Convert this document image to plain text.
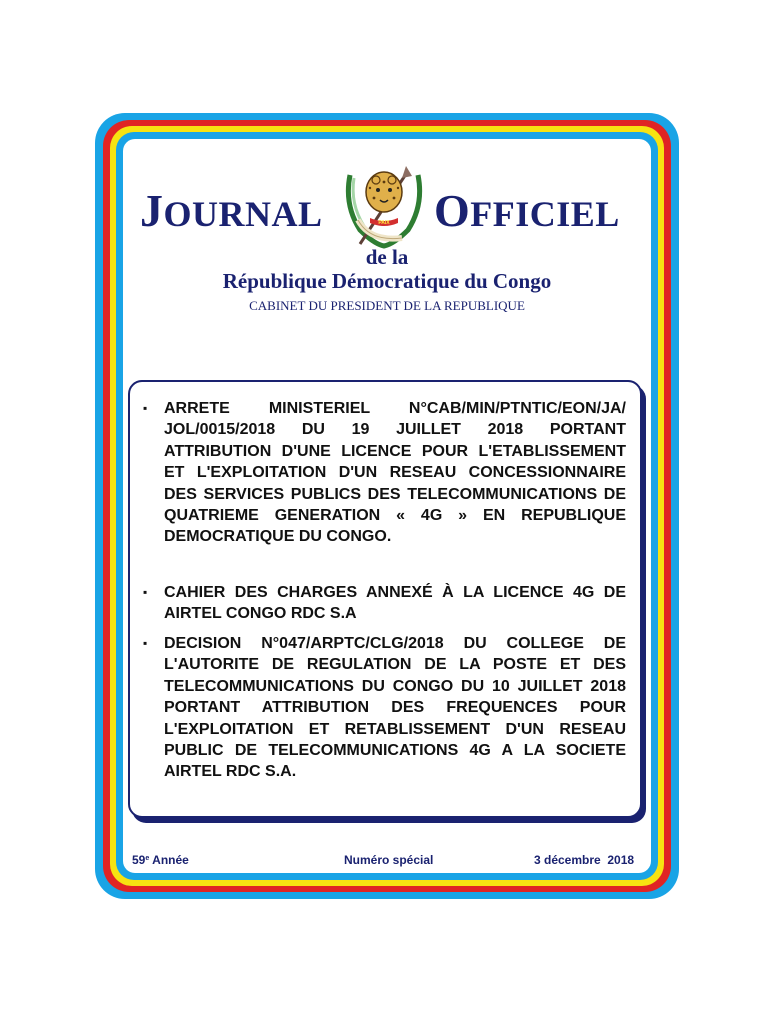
JOURNAL	PAIX OFFICIEL
de la
République Démocratique du Congo
CABINET DU PRESIDENT DE LA REPUBLIQUE
▪ ARRETE MINISTERIEL N°CAB/MIN/PTNTIC/EON/JA/ JOL/0015/2018 DU 19 JUILLET 2018 PORTANT ATTRIBUTION D'UNE LICENCE POUR L'ETABLISSEMENT ET L'EXPLOITATION D'UN RESEAU CONCESSIONNAIRE DES SERVICES PUBLICS DES TELECOMMUNICATIONS DE QUATRIEME GENERATION « 4G » EN REPUBLIQUE DEMOCRATIQUE DU CONGO.
▪ CAHIER DES CHARGES ANNEXÉ À LA LICENCE 4G DE AIRTEL CONGO RDC S.A
▪ DECISION N°047/ARPTC/CLG/2018 DU COLLEGE DE L'AUTORITE DE REGULATION DE LA POSTE ET DES TELECOMMUNICATIONS DU CONGO DU 10 JUILLET 2018 PORTANT ATTRIBUTION DES FREQUENCES POUR L'EXPLOITATION ET RETABLISSEMENT D'UN RESEAU PUBLIC DE TELECOMMUNICATIONS 4G A LA SOCIETE AIRTEL RDC S.A.
59e Année	Numéro spécial	3 décembre  2018
